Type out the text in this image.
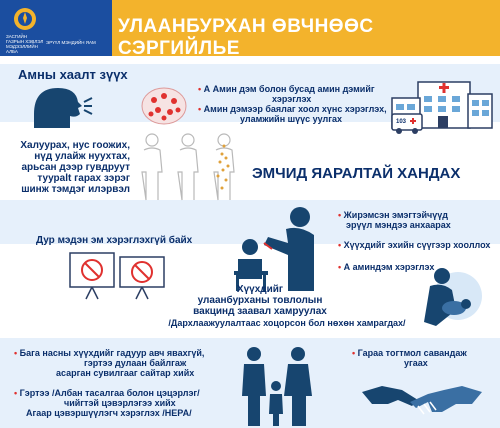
ЗАСГИЙН ГАЗРЫН ХЭВЛЭЛ МЭДЭЭЛЛИЙН АЛБА
ЭРҮҮЛ МЭНДИЙН ЯАМ
УЛААНБУРХАН ӨВЧНӨӨС СЭРГИЙЛЬЕ
Амны хаалт зүүх
• А Амин дэм болон бусад амин дэмийг
хэрэглэх
• Амин дэмээр баялаг хоол хүнс хэрэглэх,
уламжийн шүүс уулгах	103
Халуурах, нус гоожих,
нүд улайж нуухтах,
арьсан дээр гувдруут
туурalt гарах зэрэг
шинж тэмдэг илэрвэл
ЭМЧИД ЯАРАЛТАЙ ХАНДАХ
Дур мэдэн эм хэрэглэхгүй байх
• Жирэмсэн эмэгтэйчүүд
эрүүл мэндээ анхаарах
• Хүүхдийг эхийн сүүгээр хооллох
• А аминдэм хэрэглэх
Хүүхдийг
улаанбурханы товлолын
вакцинд заавал хамруулах
/Дархлаажуулалтаас хоцорсон бол нөхөн хамрагдах/
• Бага насны хүүхдийг гадуур авч явахгүй,
гэртээ дулаан байлгаж
асарган сувилгааг сайтар хийх
• Гэртээ /Албан тасалгаа болон цэцэрлэг/
чийгтэй цэвэрлэгээ хийх
Агаар цэвэршүүлэгч хэрэглэх /HEPA/
• Гараа тогтмол савандаж
угаах
